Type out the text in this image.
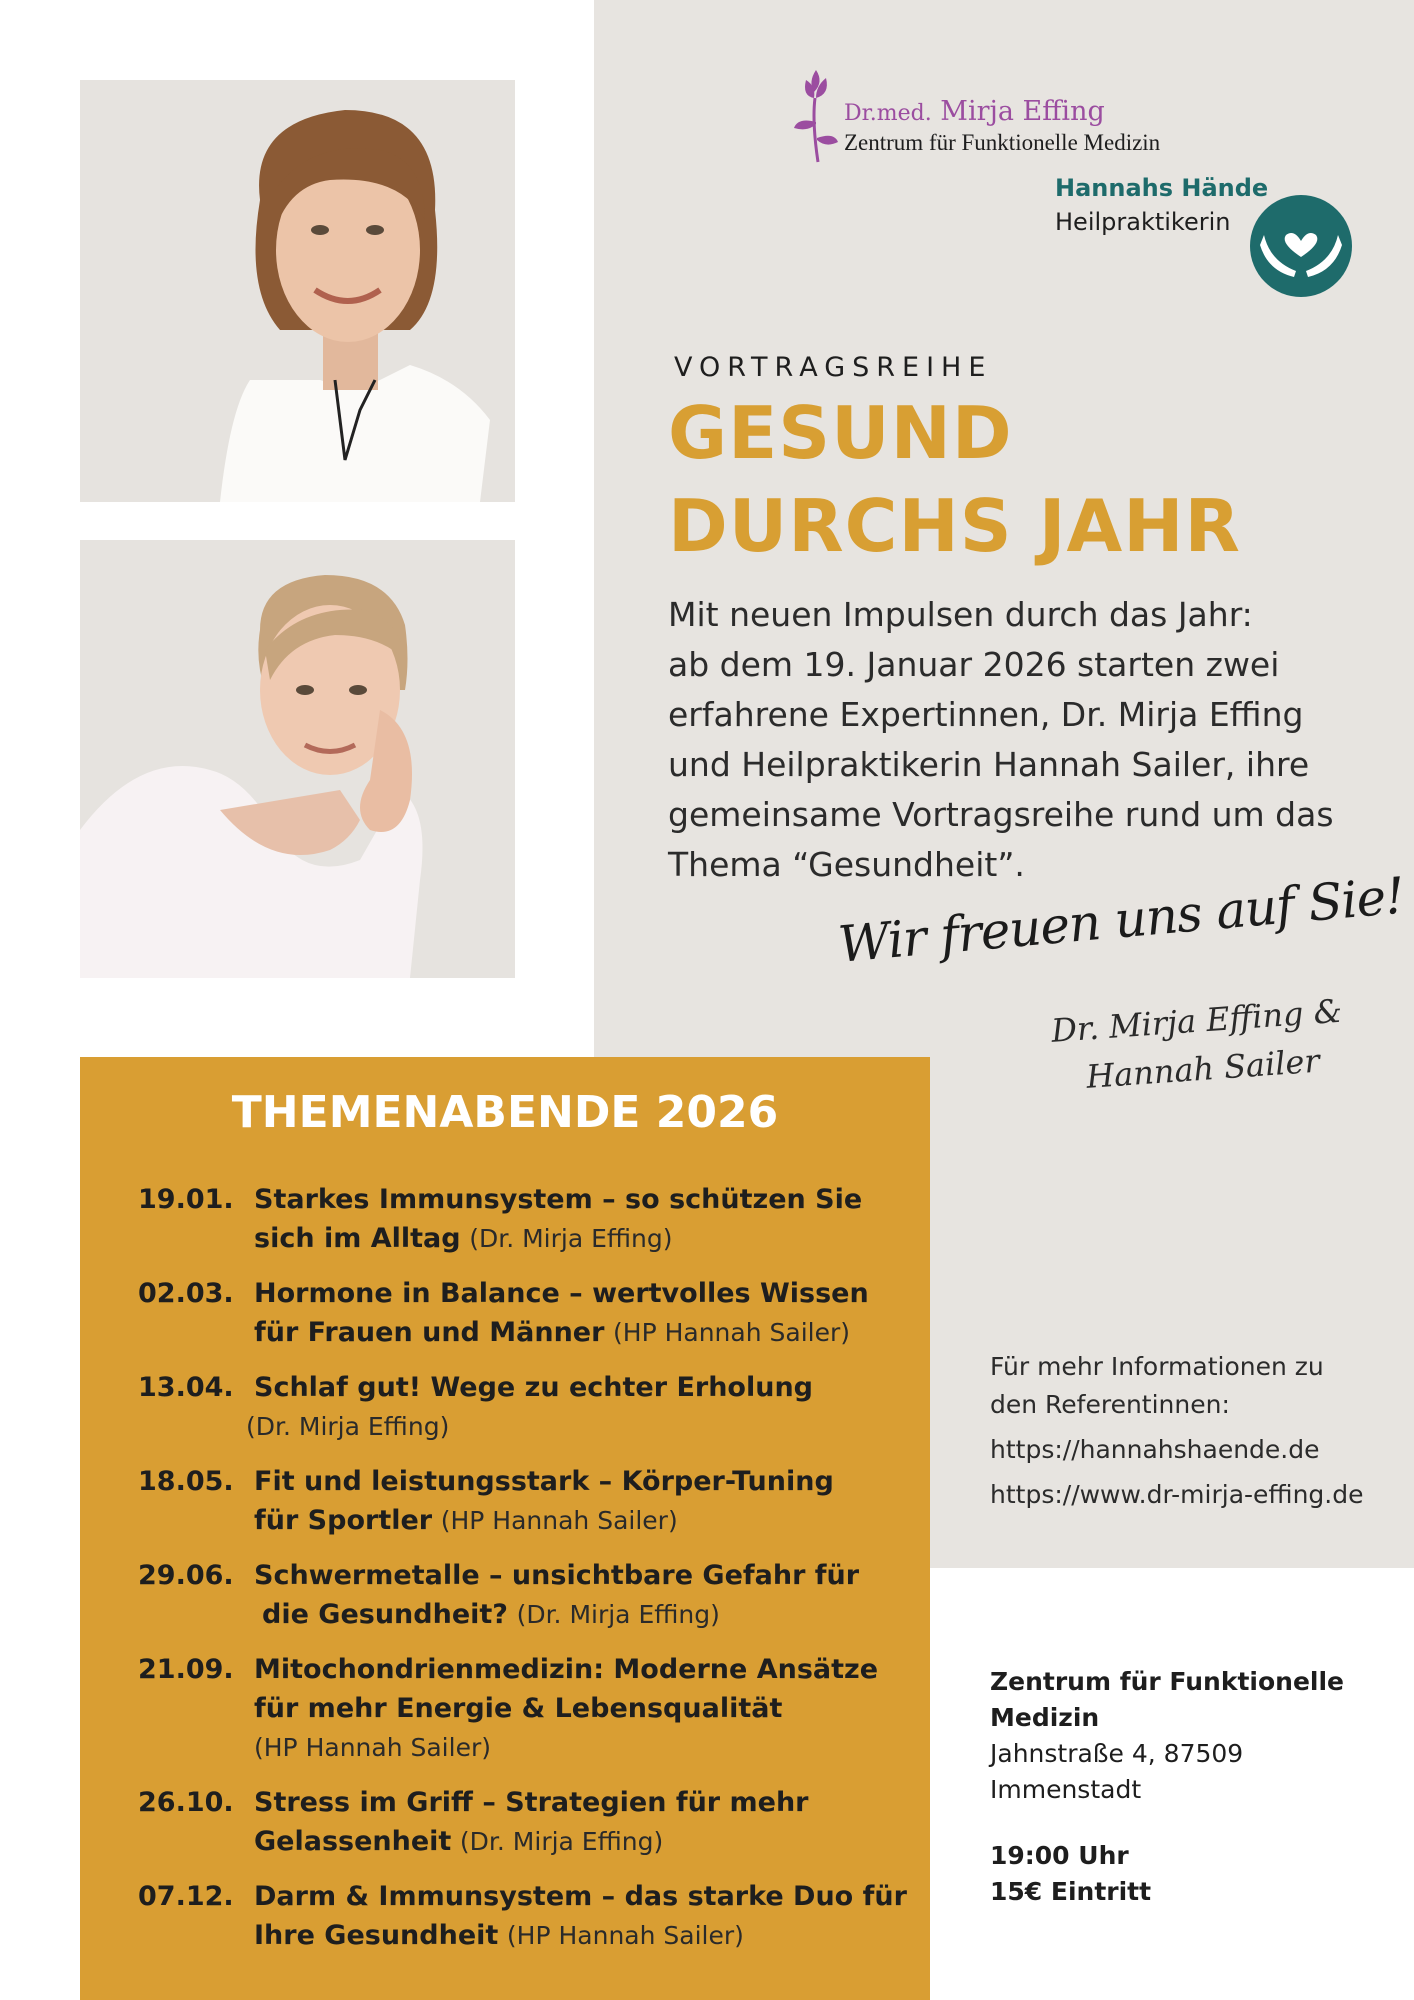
Dr.med. Mirja Effing
Zentrum für Funktionelle Medizin
Hannahs Hände
Heilpraktikerin
VORTRAGSREIHE
GESUND
DURCHS JAHR
Mit neuen Impulsen durch das Jahr:
ab dem 19. Januar 2026 starten zwei
erfahrene Expertinnen, Dr. Mirja Effing
und Heilpraktikerin Hannah Sailer, ihre
gemeinsame Vortragsreihe rund um das
Thema “Gesundheit”.
Wir freuen uns auf Sie!
Dr. Mirja Effing &
Hannah Sailer
THEMENABENDE 2026
19.01. Starkes Immunsystem – so schützen Sie
sich im Alltag (Dr. Mirja Effing)
02.03. Hormone in Balance – wertvolles Wissen
für Frauen und Männer (HP Hannah Sailer)
13.04. Schlaf gut! Wege zu echter Erholung
(Dr. Mirja Effing)
18.05. Fit und leistungsstark – Körper-Tuning
für Sportler (HP Hannah Sailer)
29.06. Schwermetalle – unsichtbare Gefahr für
die Gesundheit? (Dr. Mirja Effing)
21.09. Mitochondrienmedizin: Moderne Ansätze
für mehr Energie & Lebensqualität
(HP Hannah Sailer)
26.10. Stress im Griff – Strategien für mehr
Gelassenheit (Dr. Mirja Effing)
07.12. Darm & Immunsystem – das starke Duo für
Ihre Gesundheit (HP Hannah Sailer)
Für mehr Informationen zu
den Referentinnen:
https://hannahshaende.de
https://www.dr-mirja-effing.de
Zentrum für Funktionelle
Medizin
Jahnstraße 4, 87509
Immenstadt
19:00 Uhr
15€ Eintritt
